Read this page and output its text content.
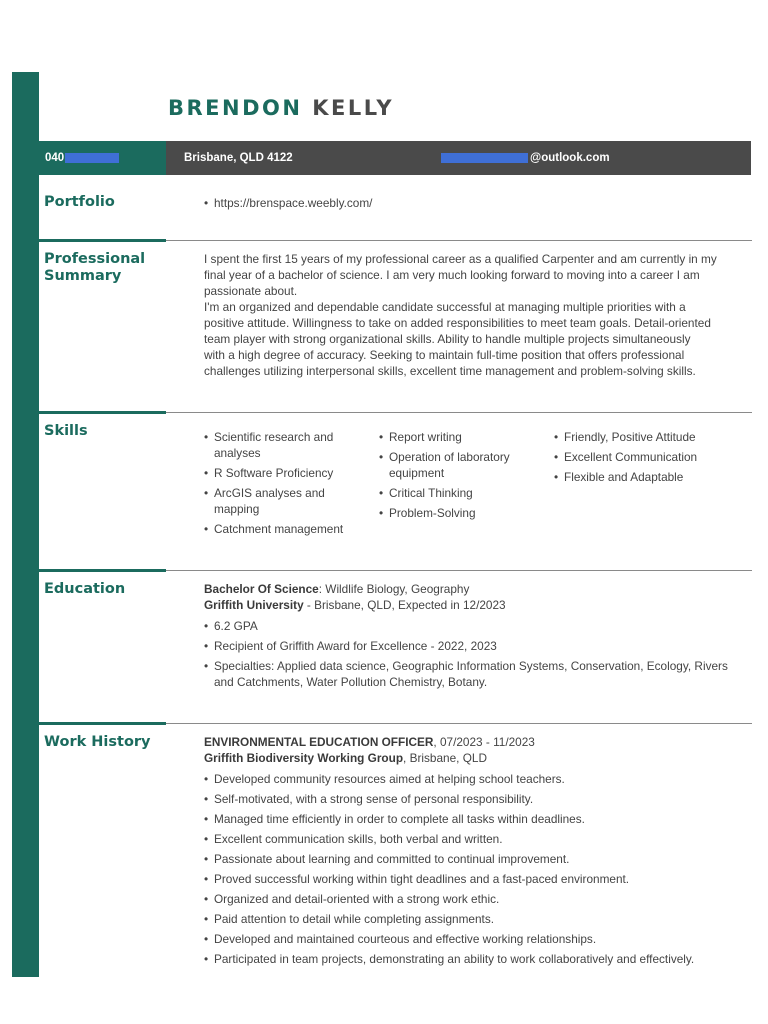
BRENDON KELLY
040	Brisbane, QLD 4122	@outlook.com
Portfolio	• https://brenspace.weebly.com/
Professional
Summary
I spent the first 15 years of my professional career as a qualified Carpenter and am currently in my
final year of a bachelor of science. I am very much looking forward to moving into a career I am
passionate about.
I'm an organized and dependable candidate successful at managing multiple priorities with a
positive attitude. Willingness to take on added responsibilities to meet team goals. Detail-oriented
team player with strong organizational skills. Ability to handle multiple projects simultaneously
with a high degree of accuracy. Seeking to maintain full-time position that offers professional
challenges utilizing interpersonal skills, excellent time management and problem-solving skills.
Skills	• Scientific research and
analyses
• R Software Proficiency
• ArcGIS analyses and
mapping
• Catchment management
• Report writing
• Operation of laboratory
equipment
• Critical Thinking
• Problem-Solving
• Friendly, Positive Attitude
• Excellent Communication
• Flexible and Adaptable
Education	Bachelor Of Science: Wildlife Biology, Geography
Griffith University - Brisbane, QLD, Expected in 12/2023
• 6.2 GPA
• Recipient of Griffith Award for Excellence - 2022, 2023
• Specialties: Applied data science, Geographic Information Systems, Conservation, Ecology, Rivers
and Catchments, Water Pollution Chemistry, Botany.
Work History	ENVIRONMENTAL EDUCATION OFFICER, 07/2023 - 11/2023
Griffith Biodiversity Working Group, Brisbane, QLD
• Developed community resources aimed at helping school teachers.
• Self-motivated, with a strong sense of personal responsibility.
• Managed time efficiently in order to complete all tasks within deadlines.
• Excellent communication skills, both verbal and written.
• Passionate about learning and committed to continual improvement.
• Proved successful working within tight deadlines and a fast-paced environment.
• Organized and detail-oriented with a strong work ethic.
• Paid attention to detail while completing assignments.
• Developed and maintained courteous and effective working relationships.
• Participated in team projects, demonstrating an ability to work collaboratively and effectively.
